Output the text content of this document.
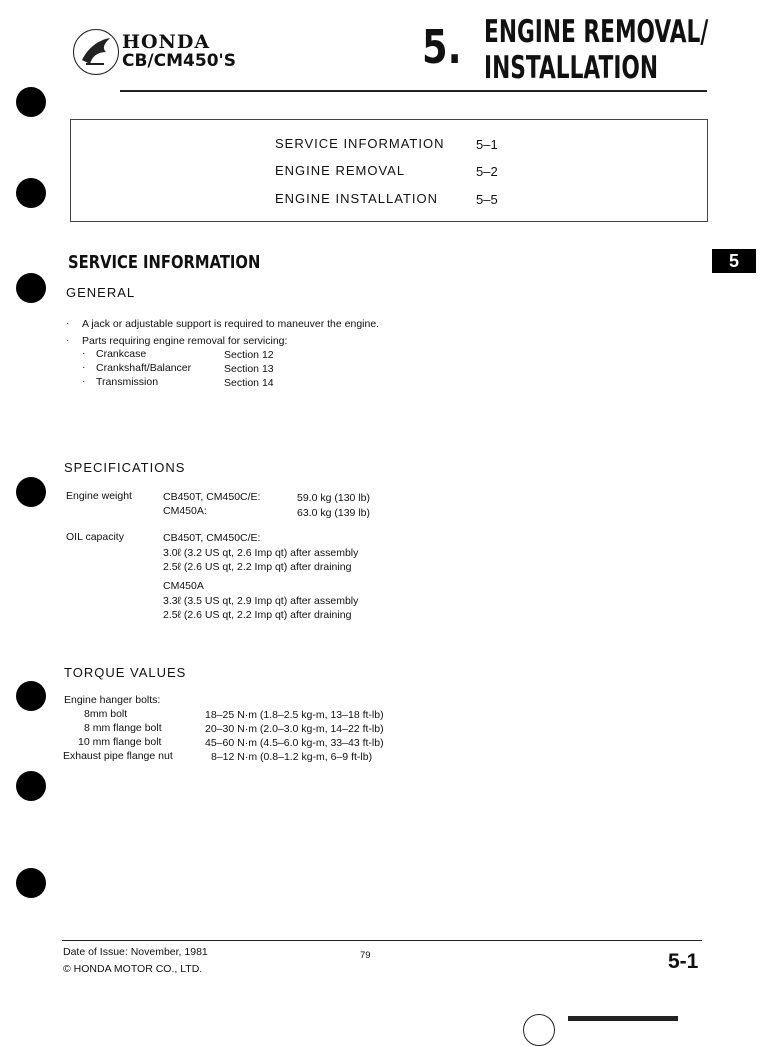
HONDA
CB/CM450'S	5. ENGINE REMOVAL/
INSTALLATION
SERVICE INFORMATION 5–1
ENGINE REMOVAL	5–2
ENGINE INSTALLATION	5–5
5
SERVICE INFORMATION
GENERAL
· A jack or adjustable support is required to maneuver the engine.
· Parts requiring engine removal for servicing:
· Crankcase	Section 12
· Crankshaft/Balancer	Section 13
· Transmission	Section 14
SPECIFICATIONS
Engine weight	CB450T, CM450C/E:	59.0 kg (130 lb)
CM450A:	63.0 kg (139 lb)
OIL capacity	CB450T, CM450C/E:
3.0ℓ (3.2 US qt, 2.6 Imp qt) after assembly
2.5ℓ (2.6 US qt, 2.2 Imp qt) after draining
CM450A
3.3ℓ (3.5 US qt, 2.9 Imp qt) after assembly
2.5ℓ (2.6 US qt, 2.2 Imp qt) after draining
TORQUE VALUES
Engine hanger bolts:
8mm bolt	18–25 N·m (1.8–2.5 kg-m, 13–18 ft-lb)
8 mm flange bolt	20–30 N·m (2.0–3.0 kg-m, 14–22 ft-lb)
10 mm flange bolt	45–60 N·m (4.5–6.0 kg-m, 33–43 ft-lb)
Exhaust pipe flange nut	8–12 N·m (0.8–1.2 kg-m, 6–9 ft-lb)
Date of Issue: November, 1981
© HONDA MOTOR CO., LTD.
79	5-1
